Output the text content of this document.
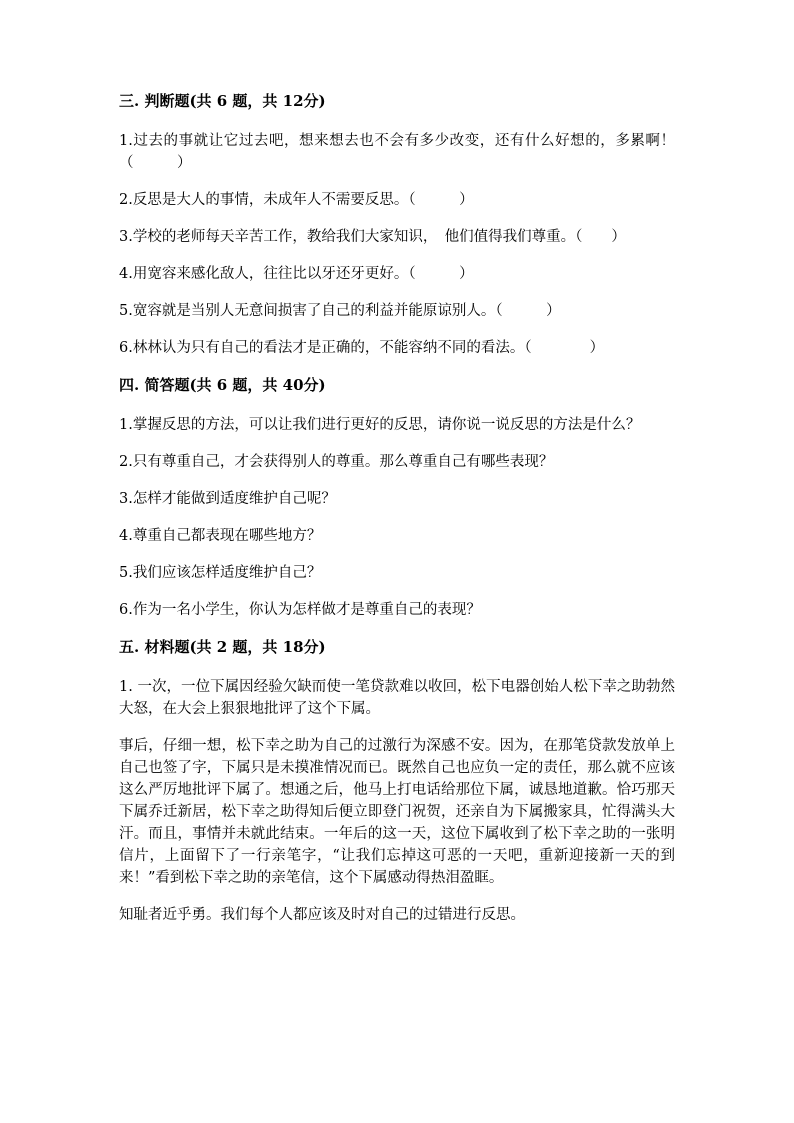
三. 判断题(共 6 题，共 12分)
1.过去的事就让它过去吧，想来想去也不会有多少改变，还有什么好想的，多累啊！（　　　）
2.反思是大人的事情，未成年人不需要反思。（　　　）
3.学校的老师每天辛苦工作，教给我们大家知识，　他们值得我们尊重。（　　）
4.用宽容来感化敌人，往往比以牙还牙更好。（　　　）
5.宽容就是当别人无意间损害了自己的利益并能原谅别人。（　　　）
6.林林认为只有自己的看法才是正确的，不能容纳不同的看法。（　　　　）
四. 简答题(共 6 题，共 40分)
1.掌握反思的方法，可以让我们进行更好的反思，请你说一说反思的方法是什么？
2.只有尊重自己，才会获得别人的尊重。那么尊重自己有哪些表现？
3.怎样才能做到适度维护自己呢？
4.尊重自己都表现在哪些地方？
5.我们应该怎样适度维护自己？
6.作为一名小学生，你认为怎样做才是尊重自己的表现？
五. 材料题(共 2 题，共 18分)

1. 一次，一位下属因经验欠缺而使一笔贷款难以收回，松下电器创始人松下幸之助勃然大怒，在大会上狠狠地批评了这个下属。

事后，仔细一想，松下幸之助为自己的过激行为深感不安。因为，在那笔贷款发放单上自己也签了字，下属只是未摸准情况而已。既然自己也应负一定的责任，那么就不应该这么严厉地批评下属了。想通之后，他马上打电话给那位下属，诚恳地道歉。恰巧那天下属乔迁新居，松下幸之助得知后便立即登门祝贺，还亲自为下属搬家具，忙得满头大汗。而且，事情并未就此结束。一年后的这一天，这位下属收到了松下幸之助的一张明信片，上面留下了一行亲笔字，“让我们忘掉这可恶的一天吧，重新迎接新一天的到来！”看到松下幸之助的亲笔信，这个下属感动得热泪盈眶。

知耻者近乎勇。我们每个人都应该及时对自己的过错进行反思。
